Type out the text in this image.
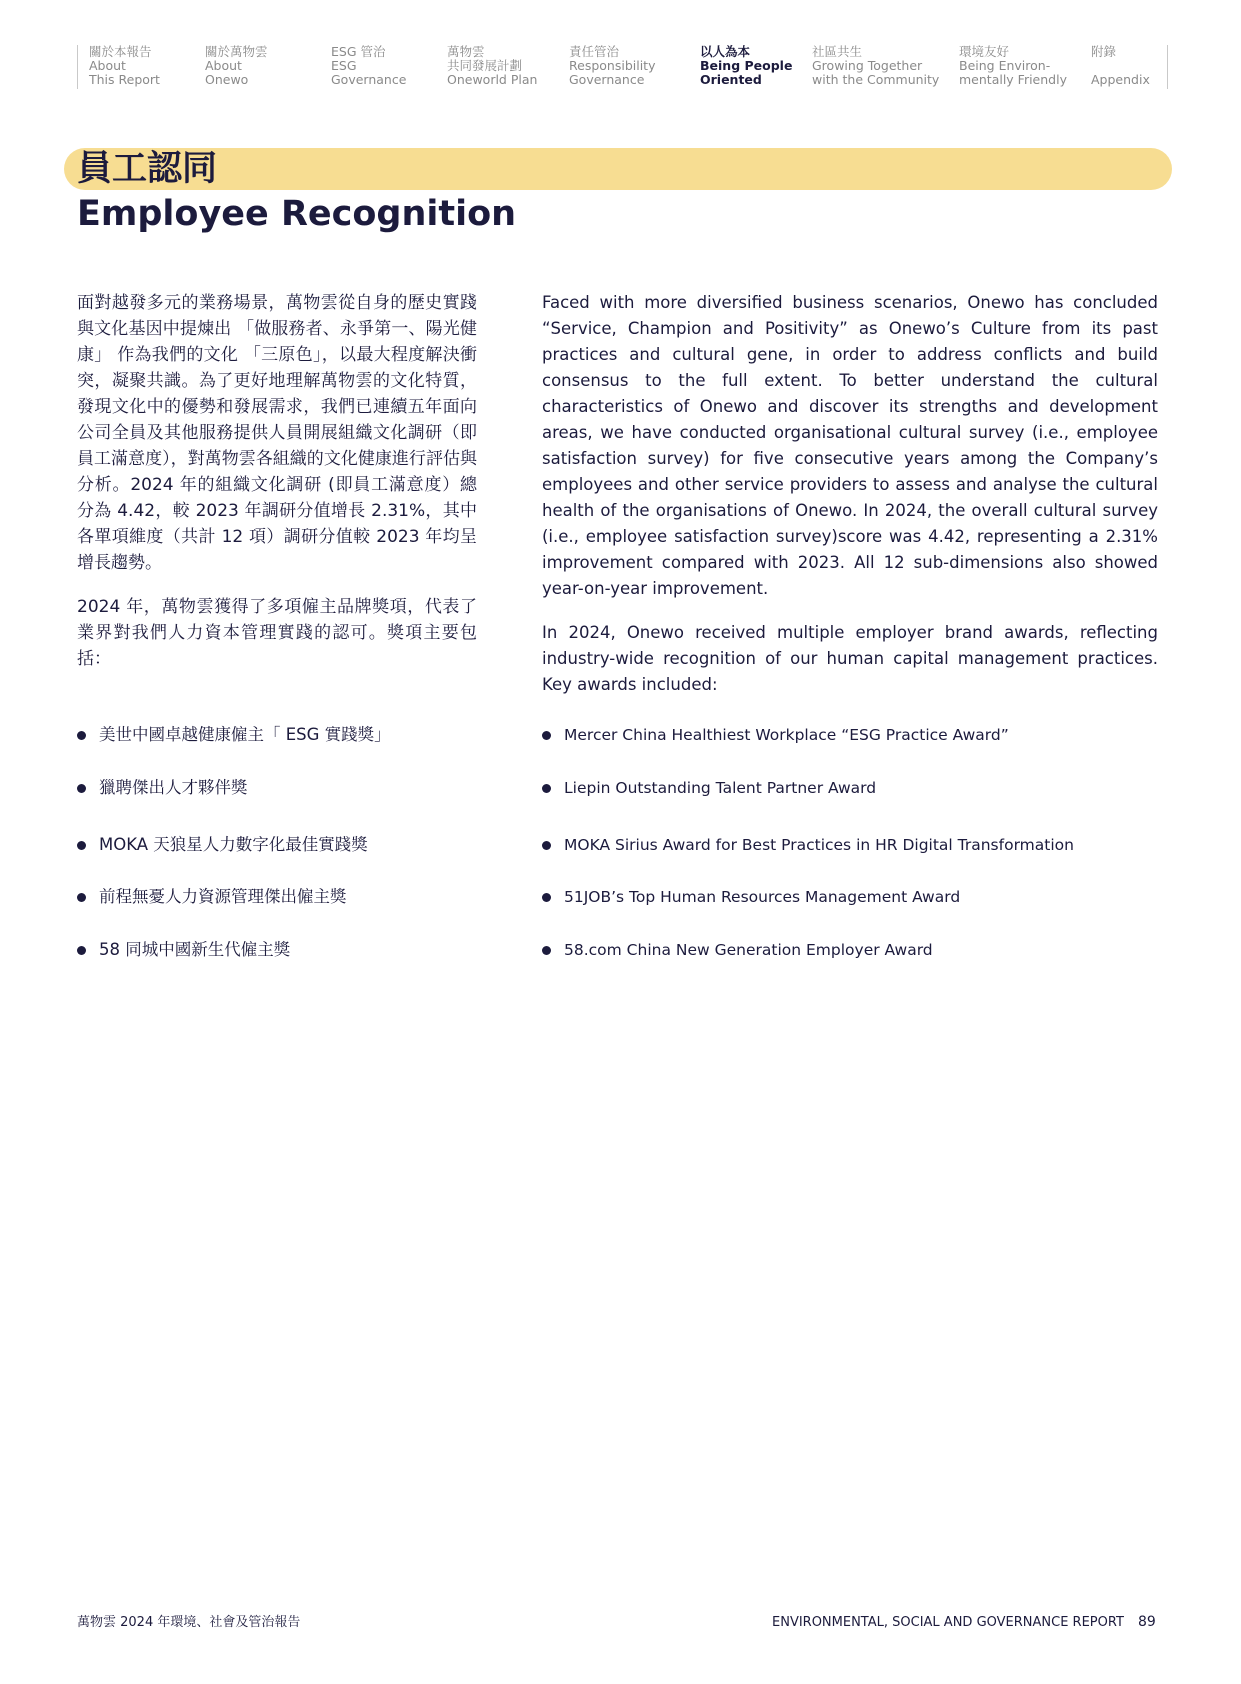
關於本報告
About
This Report
關於萬物雲
About
Onewo
ESG 管治
ESG
Governance
萬物雲
共同發展計劃
Oneworld Plan
責任管治
Responsibility
Governance
以人為本
Being People
Oriented
社區共生
Growing Together
with the Community
環境友好
Being Environ-
mentally Friendly
附錄
Appendix
員工認同
Employee Recognition

面對越發多元的業務場景，萬物雲從自身的歷史實踐與文化基因中提煉出 「做服務者、永爭第一、陽光健康」 作為我們的文化 「三原色」，以最大程度解決衝突，凝聚共識。為了更好地理解萬物雲的文化特質，發現文化中的優勢和發展需求，我們已連續五年面向公司全員及其他服務提供人員開展組織文化調研（即員工滿意度），對萬物雲各組織的文化健康進行評估與分析。2024 年的組織文化調研 (即員工滿意度）總分為 4.42，較 2023 年調研分值增長 2.31%，其中各單項維度（共計 12 項）調研分值較 2023 年均呈增長趨勢。

2024 年，萬物雲獲得了多項僱主品牌獎項，代表了業界對我們人力資本管理實踐的認可。獎項主要包括：

Faced with more diversified business scenarios, Onewo has concluded “Service, Champion and Positivity” as Onewo’s Culture from its past practices and cultural gene, in order to address conflicts and build consensus to the full extent. To better understand the cultural characteristics of Onewo and discover its strengths and development areas, we have conducted organisational cultural survey (i.e., employee satisfaction survey) for five consecutive years among the Company’s employees and other service providers to assess and analyse the cultural health of the organisations of Onewo. In 2024, the overall cultural survey (i.e., employee satisfaction survey)score was 4.42, representing a 2.31% improvement compared with 2023. All 12 sub-dimensions also showed year-on-year improvement.

In 2024, Onewo received multiple employer brand awards, reflecting industry-wide recognition of our human capital management practices. Key awards included:

美世中國卓越健康僱主「 ESG 實踐獎」
獵聘傑出人才夥伴獎
MOKA 天狼星人力數字化最佳實踐獎
前程無憂人力資源管理傑出僱主獎
58 同城中國新生代僱主獎
Mercer China Healthiest Workplace “ESG Practice Award”
Liepin Outstanding Talent Partner Award
MOKA Sirius Award for Best Practices in HR Digital Transformation
51JOB’s Top Human Resources Management Award
58.com China New Generation Employer Award
萬物雲 2024 年環境、社會及管治報告	ENVIRONMENTAL, SOCIAL AND GOVERNANCE REPORT 89
